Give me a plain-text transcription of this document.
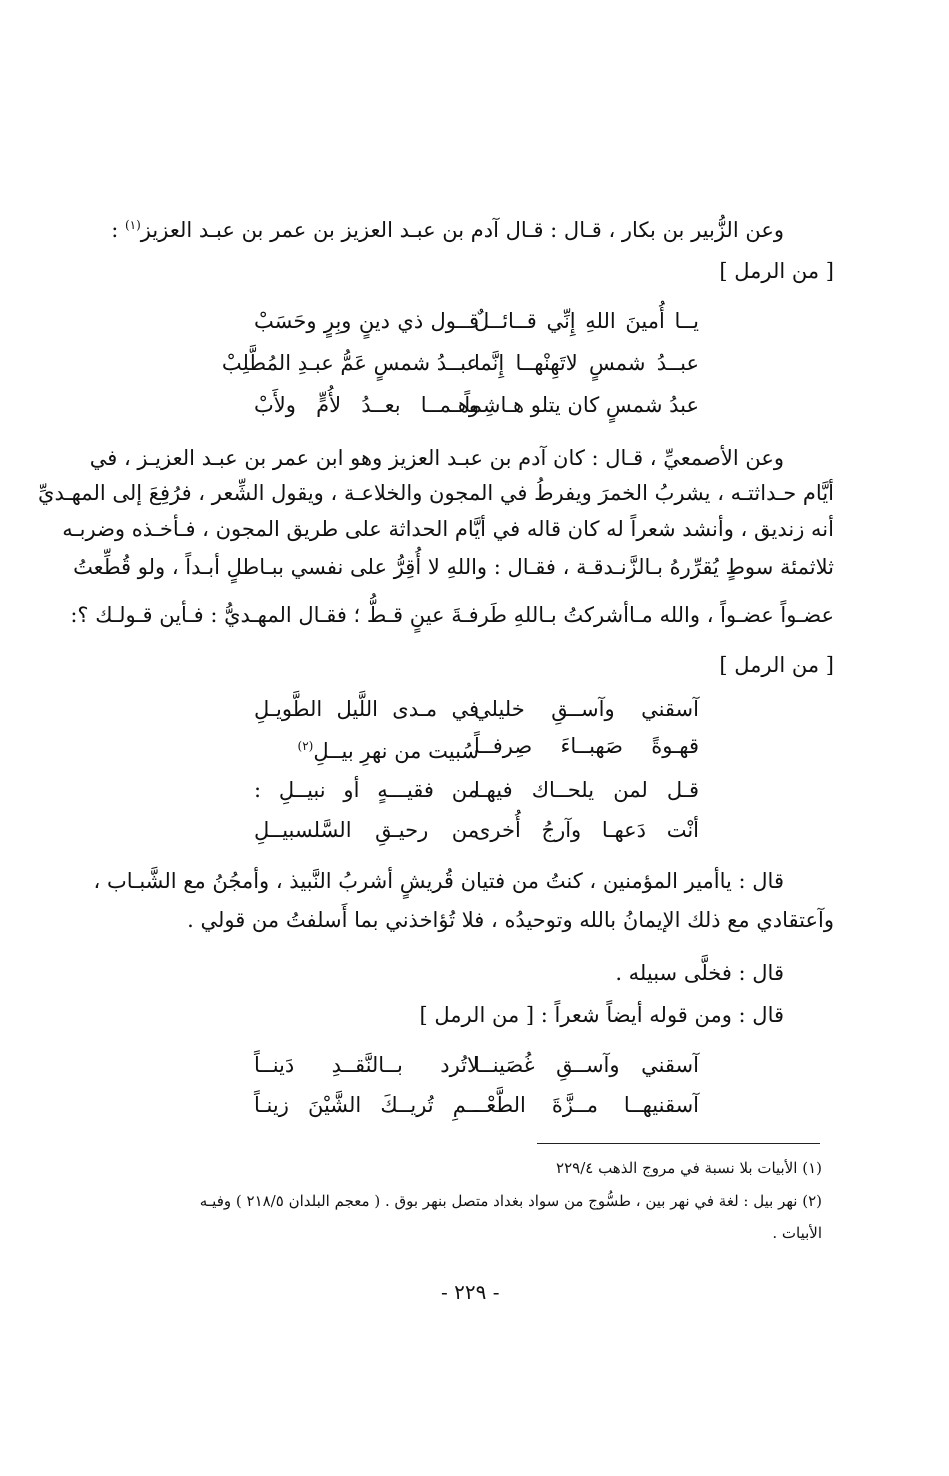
وعن الزُّبير بن بكار ، قـال : قـال آدم بن عبـد العزيز بن عمر بن عبـد العزيز$^{(١)}$ :
[ من الرمل ]
يــا أُمينَ اللهِ إِنِّي قــائــلٌ
قــول ذي دينٍ وبِرٍ وحَسَبْ
عبــدُ شمسٍ لاتَهِنْهــا إِنَّما
عبــدُ شمسٍ عَمُّ عبـدِ المُطَّلِبْ
عبدُ شمسٍ كان يتلو هـاشِماً
وهـمــا بعــدُ لأُمٍّ ولأَبْ
وعن الأصمعيِّ ، قـال : كان آدم بن عبـد العزيز وهو ابن عمر بن عبـد العزيـز ، في
أيَّام حـداثتـه ، يشربُ الخمرَ ويفرطُ في المجون والخلاعـة ، ويقول الشِّعر ، فرُفِعَ إلى المهـديِّ
أنه زنديق ، وأنشد شعراً له كان قاله في أيَّام الحداثة على طريق المجون ، فـأخـذه وضربـه
ثلاثمئة سوطٍ يُقرِّرهُ بـالزَّنـدقـة ، فقـال : واللهِ لا أُقِرُّ على نفسي ببـاطلٍ أبـداً ، ولو قُطِّعتُ
عضـواً عضـواً ، والله مـاأشركتُ بـاللهِ طَرفـةَ عينٍ قـطُّ ؛ فقـال المهـديُّ : فـأين قـولـك ؟:
[ من الرمل ]
آسقني وآســقِ خليلي
في مـدى اللَّيل الطَّويـلِ
قهـوةً صَهبــاءَ صِرفــاً
سُبيت من نهرِ بيــلِ$^{(٢)}$
قـل لمن يلحــاك فيهـا
من فقيـــهٍ أو نبيــلِ :
أنْت دَعهـا وآرجُ أُخرى
من رحيـقِ السَّلسبيــلِ
قال : ياأمير المؤمنين ، كنتُ من فتيان قُريشٍ أشربُ النَّبيذ ، وأمجُنُ مع الشَّبـاب ،
وآعتقادي مع ذلك الإيمانُ بالله وتوحيدُه ، فلا تُؤاخذني بما أَسلفتُ من قولي .
قال : فخلَّى سبيله .
قال : ومن قوله أيضاً شعراً : [ من الرمل ]
آسقني وآســقِ غُصَينــا
لاتُرد بــالنَّقــدِ دَينــاً
آسقنيهــا مــزَّةَ الطَّعْــ
ــمِ تُريــكَ الشَّيْنَ زينـاً
(١) الأبيات بلا نسبة في مروج الذهب ٢٢٩/٤
(٢) نهر بيل : لغة في نهر بين ، طسُّوج من سواد بغداد متصل بنهر بوق . ( معجم البلدان ٢١٨/٥ ) وفيـه
الأبيات .
- ٢٢٩ -
